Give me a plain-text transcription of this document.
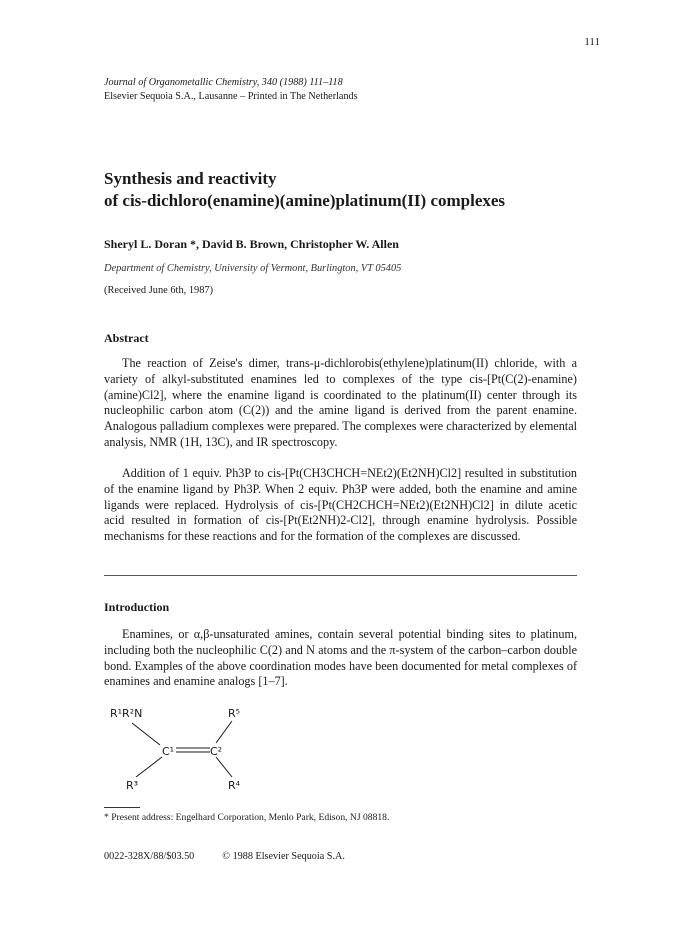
111
Journal of Organometallic Chemistry, 340 (1988) 111–118
Elsevier Sequoia S.A., Lausanne – Printed in The Netherlands
Synthesis and reactivity
of cis-dichloro(enamine)(amine)platinum(II) complexes
Sheryl L. Doran *, David B. Brown, Christopher W. Allen
Department of Chemistry, University of Vermont, Burlington, VT 05405
(Received June 6th, 1987)
Abstract
The reaction of Zeise's dimer, trans-μ-dichlorobis(ethylene)platinum(II) chloride, with a variety of alkyl-substituted enamines led to complexes of the type cis-[Pt(C(2)-enamine)(amine)Cl2], where the enamine ligand is coordinated to the platinum(II) center through its nucleophilic carbon atom (C(2)) and the amine ligand is derived from the parent enamine. Analogous palladium complexes were prepared. The complexes were characterized by elemental analysis, NMR (1H, 13C), and IR spectroscopy.
Addition of 1 equiv. Ph3P to cis-[Pt(CH3CHCH=NEt2)(Et2NH)Cl2] resulted in substitution of the enamine ligand by Ph3P. When 2 equiv. Ph3P were added, both the enamine and amine ligands were replaced. Hydrolysis of cis-[Pt(CH2CHCH=NEt2)(Et2NH)Cl2] in dilute acetic acid resulted in formation of cis-[Pt(Et2NH)2-Cl2], through enamine hydrolysis. Possible mechanisms for these reactions and for the formation of the complexes are discussed.
Introduction
Enamines, or α,β-unsaturated amines, contain several potential binding sites to platinum, including both the nucleophilic C(2) and N atoms and the π-system of the carbon–carbon double bond. Examples of the above coordination modes have been documented for metal complexes of enamines and enamine analogs [1–7].
R¹R²N	R⁵
C¹	C²
R³	R⁴
* Present address: Engelhard Corporation, Menlo Park, Edison, NJ 08818.
0022-328X/88/$03.50	© 1988 Elsevier Sequoia S.A.
